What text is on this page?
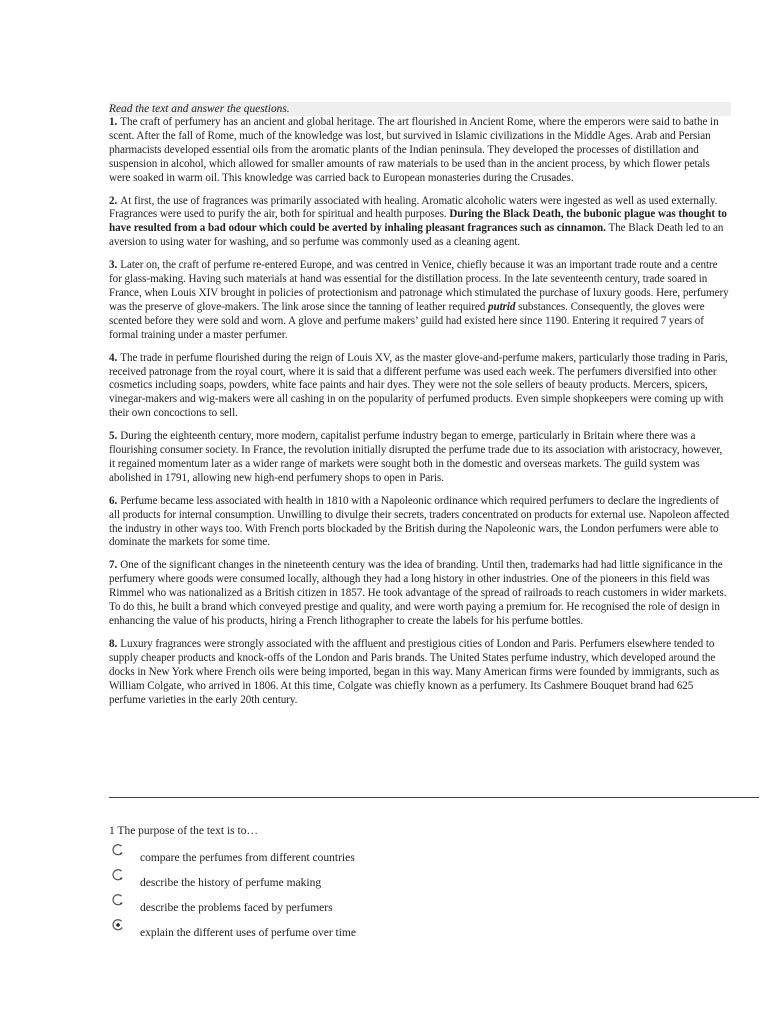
Read the text and answer the questions.

1. The craft of perfumery has an ancient and global heritage. The art flourished in Ancient Rome, where the emperors were said to bathe in scent. After the fall of Rome, much of the knowledge was lost, but survived in Islamic civilizations in the Middle Ages. Arab and Persian pharmacists developed essential oils from the aromatic plants of the Indian peninsula. They developed the processes of distillation and suspension in alcohol, which allowed for smaller amounts of raw materials to be used than in the ancient process, by which flower petals were soaked in warm oil. This knowledge was carried back to European monasteries during the Crusades.

2. At first, the use of fragrances was primarily associated with healing. Aromatic alcoholic waters were ingested as well as used externally. Fragrances were used to purify the air, both for spiritual and health purposes. During the Black Death, the bubonic plague was thought to have resulted from a bad odour which could be averted by inhaling pleasant fragrances such as cinnamon. The Black Death led to an aversion to using water for washing, and so perfume was commonly used as a cleaning agent.

3. Later on, the craft of perfume re-entered Europe, and was centred in Venice, chiefly because it was an important trade route and a centre for glass-making. Having such materials at hand was essential for the distillation process. In the late seventeenth century, trade soared in France, when Louis XIV brought in policies of protectionism and patronage which stimulated the purchase of luxury goods. Here, perfumery was the preserve of glove-makers. The link arose since the tanning of leather required putrid substances. Consequently, the gloves were scented before they were sold and worn. A glove and perfume makers’ guild had existed here since 1190. Entering it required 7 years of formal training under a master perfumer.

4. The trade in perfume flourished during the reign of Louis XV, as the master glove-and-perfume makers, particularly those trading in Paris, received patronage from the royal court, where it is said that a different perfume was used each week. The perfumers diversified into other cosmetics including soaps, powders, white face paints and hair dyes. They were not the sole sellers of beauty products. Mercers, spicers, vinegar-makers and wig-makers were all cashing in on the popularity of perfumed products. Even simple shopkeepers were coming up with their own concoctions to sell.

5. During the eighteenth century, more modern, capitalist perfume industry began to emerge, particularly in Britain where there was a flourishing consumer society. In France, the revolution initially disrupted the perfume trade due to its association with aristocracy, however, it regained momentum later as a wider range of markets were sought both in the domestic and overseas markets. The guild system was abolished in 1791, allowing new high-end perfumery shops to open in Paris.

6. Perfume became less associated with health in 1810 with a Napoleonic ordinance which required perfumers to declare the ingredients of all products for internal consumption. Unwilling to divulge their secrets, traders concentrated on products for external use. Napoleon affected the industry in other ways too. With French ports blockaded by the British during the Napoleonic wars, the London perfumers were able to dominate the markets for some time.

7. One of the significant changes in the nineteenth century was the idea of branding. Until then, trademarks had had little significance in the perfumery where goods were consumed locally, although they had a long history in other industries. One of the pioneers in this field was Rimmel who was nationalized as a British citizen in 1857. He took advantage of the spread of railroads to reach customers in wider markets. To do this, he built a brand which conveyed prestige and quality, and were worth paying a premium for. He recognised the role of design in enhancing the value of his products, hiring a French lithographer to create the labels for his perfume bottles.

8. Luxury fragrances were strongly associated with the affluent and prestigious cities of London and Paris. Perfumers elsewhere tended to supply cheaper products and knock-offs of the London and Paris brands. The United States perfume industry, which developed around the docks in New York where French oils were being imported, began in this way. Many American firms were founded by immigrants, such as William Colgate, who arrived in 1806. At this time, Colgate was chiefly known as a perfumery. Its Cashmere Bouquet brand had 625 perfume varieties in the early 20th century.

1 The purpose of the text is to…
compare the perfumes from different countries
describe the history of perfume making
describe the problems faced by perfumers
explain the different uses of perfume over time
